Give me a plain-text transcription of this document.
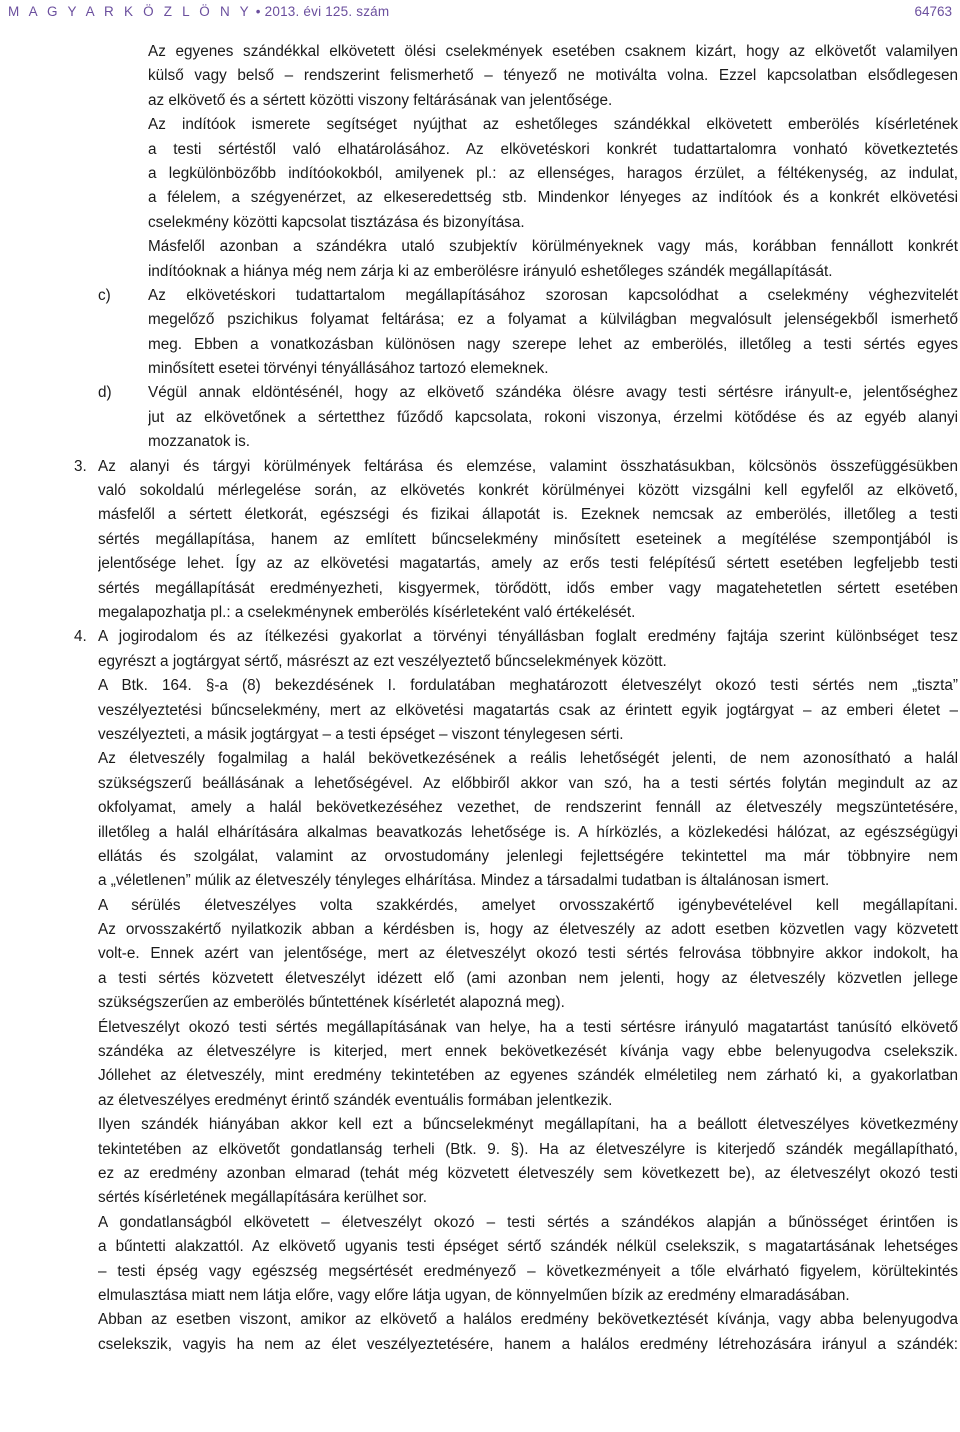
M A G Y A R K Ö Z L Ö N Y • 2013. évi 125. szám	64763
Az egyenes szándékkal elkövetett ölési cselekmények esetében csaknem kizárt, hogy az elkövetőt valamilyen
külső vagy belső – rendszerint felismerhető – tényező ne motiválta volna. Ezzel kapcsolatban elsődlegesen
az elkövető és a sértett közötti viszony feltárásának van jelentősége.
Az indítóok ismerete segítséget nyújthat az eshetőleges szándékkal elkövetett emberölés kísérletének
a testi sértéstől való elhatárolásához. Az elkövetéskori konkrét tudattartalomra vonható következtetés
a legkülönbözőbb indítóokokból, amilyenek pl.: az ellenséges, haragos érzület, a féltékenység, az indulat,
a félelem, a szégyenérzet, az elkeseredettség stb. Mindenkor lényeges az indítóok és a konkrét elkövetési
cselekmény közötti kapcsolat tisztázása és bizonyítása.
Másfelől azonban a szándékra utaló szubjektív körülményeknek vagy más, korábban fennállott konkrét
indítóoknak a hiánya még nem zárja ki az emberölésre irányuló eshetőleges szándék megállapítását.
c) Az elkövetéskori tudattartalom megállapításához szorosan kapcsolódhat a cselekmény véghezvitelét
megelőző pszichikus folyamat feltárása; ez a folyamat a külvilágban megvalósult jelenségekből ismerhető
meg. Ebben a vonatkozásban különösen nagy szerepe lehet az emberölés, illetőleg a testi sértés egyes
minősített esetei törvényi tényállásához tartozó elemeknek.
d) Végül annak eldöntésénél, hogy az elkövető szándéka ölésre avagy testi sértésre irányult-e, jelentőséghez
jut az elkövetőnek a sértetthez fűződő kapcsolata, rokoni viszonya, érzelmi kötődése és az egyéb alanyi
mozzanatok is.
3. Az alanyi és tárgyi körülmények feltárása és elemzése, valamint összhatásukban, kölcsönös összefüggésükben
való sokoldalú mérlegelése során, az elkövetés konkrét körülményei között vizsgálni kell egyfelől az elkövető,
másfelől a sértett életkorát, egészségi és fizikai állapotát is. Ezeknek nemcsak az emberölés, illetőleg a testi
sértés megállapítása, hanem az említett bűncselekmény minősített eseteinek a megítélése szempontjából is
jelentősége lehet. Így az az elkövetési magatartás, amely az erős testi felépítésű sértett esetében legfeljebb testi
sértés megállapítását eredményezheti, kisgyermek, törődött, idős ember vagy magatehetetlen sértett esetében
megalapozhatja pl.: a cselekménynek emberölés kísérleteként való értékelését.
4. A jogirodalom és az ítélkezési gyakorlat a törvényi tényállásban foglalt eredmény fajtája szerint különbséget tesz
egyrészt a jogtárgyat sértő, másrészt az ezt veszélyeztető bűncselekmények között.
A Btk. 164. §-a (8) bekezdésének I. fordulatában meghatározott életveszélyt okozó testi sértés nem „tiszta”
veszélyeztetési bűncselekmény, mert az elkövetési magatartás csak az érintett egyik jogtárgyat – az emberi életet –
veszélyezteti, a másik jogtárgyat – a testi épséget – viszont ténylegesen sérti.
Az életveszély fogalmilag a halál bekövetkezésének a reális lehetőségét jelenti, de nem azonosítható a halál
szükségszerű beállásának a lehetőségével. Az előbbiről akkor van szó, ha a testi sértés folytán megindult az az
okfolyamat, amely a halál bekövetkezéséhez vezethet, de rendszerint fennáll az életveszély megszüntetésére,
illetőleg a halál elhárítására alkalmas beavatkozás lehetősége is. A hírközlés, a közlekedési hálózat, az egészségügyi
ellátás és szolgálat, valamint az orvostudomány jelenlegi fejlettségére tekintettel ma már többnyire nem
a „véletlenen” múlik az életveszély tényleges elhárítása. Mindez a társadalmi tudatban is általánosan ismert.
A sérülés életveszélyes volta szakkérdés, amelyet orvosszakértő igénybevételével kell megállapítani.
Az orvosszakértő nyilatkozik abban a kérdésben is, hogy az életveszély az adott esetben közvetlen vagy közvetett
volt-e. Ennek azért van jelentősége, mert az életveszélyt okozó testi sértés felrovása többnyire akkor indokolt, ha
a testi sértés közvetett életveszélyt idézett elő (ami azonban nem jelenti, hogy az életveszély közvetlen jellege
szükségszerűen az emberölés bűntettének kísérletét alapozná meg).
Életveszélyt okozó testi sértés megállapításának van helye, ha a testi sértésre irányuló magatartást tanúsító elkövető
szándéka az életveszélyre is kiterjed, mert ennek bekövetkezését kívánja vagy ebbe belenyugodva cselekszik.
Jóllehet az életveszély, mint eredmény tekintetében az egyenes szándék elméletileg nem zárható ki, a gyakorlatban
az életveszélyes eredményt érintő szándék eventuális formában jelentkezik.
Ilyen szándék hiányában akkor kell ezt a bűncselekményt megállapítani, ha a beállott életveszélyes következmény
tekintetében az elkövetőt gondatlanság terheli (Btk. 9. §). Ha az életveszélyre is kiterjedő szándék megállapítható,
ez az eredmény azonban elmarad (tehát még közvetett életveszély sem következett be), az életveszélyt okozó testi
sértés kísérletének megállapítására kerülhet sor.
A gondatlanságból elkövetett – életveszélyt okozó – testi sértés a szándékos alapján a bűnösséget érintően is
a bűntetti alakzattól. Az elkövető ugyanis testi épséget sértő szándék nélkül cselekszik, s magatartásának lehetséges
– testi épség vagy egészség megsértését eredményező – következményeit a tőle elvárható figyelem, körültekintés
elmulasztása miatt nem látja előre, vagy előre látja ugyan, de könnyelműen bízik az eredmény elmaradásában.
Abban az esetben viszont, amikor az elkövető a halálos eredmény bekövetkeztését kívánja, vagy abba belenyugodva
cselekszik, vagyis ha nem az élet veszélyeztetésére, hanem a halálos eredmény létrehozására irányul a szándék:
